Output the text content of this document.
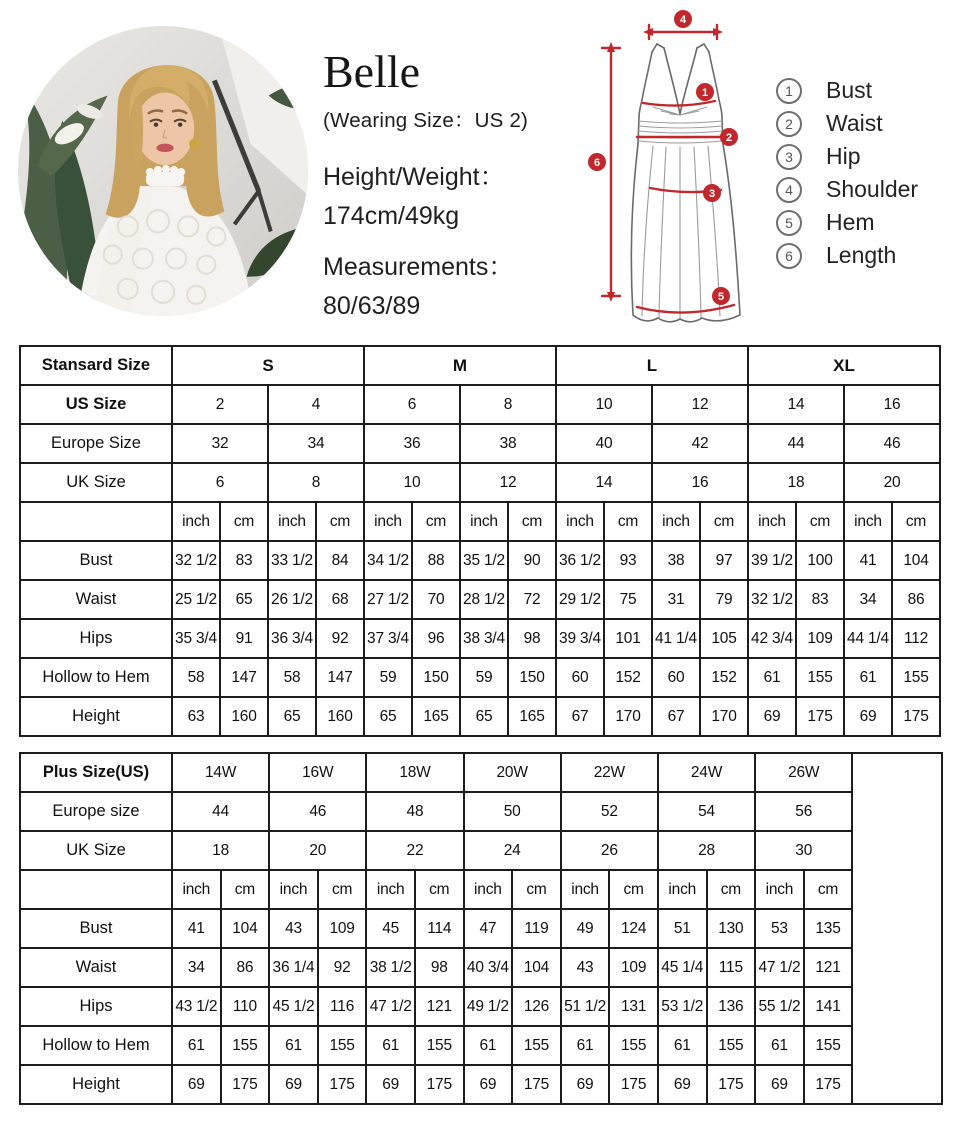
Belle
(Wearing Size：US 2)
Height/Weight：
174cm/49kg
Measurements：
80/63/89
1
2
3
4
5
6
1	Bust
2	Waist
3	Hip
4	Shoulder
5	Hem
6	Length
Stansard Size	S				M				L				XL			
US Size	2		4		6		8		10		12		14		16	
Europe Size	32		34		36		38		40		42		44		46	
UK Size	6		8		10		12		14		16		18		20	
	inch	cm	inch	cm	inch	cm	inch	cm	inch	cm	inch	cm	inch	cm	inch	cm
Bust	32 1/2	83	33 1/2	84	34 1/2	88	35 1/2	90	36 1/2	93	38	97	39 1/2	100	41	104
Waist	25 1/2	65	26 1/2	68	27 1/2	70	28 1/2	72	29 1/2	75	31	79	32 1/2	83	34	86
Hips	35 3/4	91	36 3/4	92	37 3/4	96	38 3/4	98	39 3/4	101	41 1/4	105	42 3/4	109	44 1/4	112
Hollow to Hem	58	147	58	147	59	150	59	150	60	152	60	152	61	155	61	155
Height	63	160	65	160	65	165	65	165	67	170	67	170	69	175	69	175
Plus Size(US)	14W		16W		18W		20W		22W		24W		26W		
Europe size	44		46		48		50		52		54		56		
UK Size	18		20		22		24		26		28		30		
	inch	cm	inch	cm	inch	cm	inch	cm	inch	cm	inch	cm	inch	cm	
Bust	41	104	43	109	45	114	47	119	49	124	51	130	53	135	
Waist	34	86	36 1/4	92	38 1/2	98	40 3/4	104	43	109	45 1/4	115	47 1/2	121	
Hips	43 1/2	110	45 1/2	116	47 1/2	121	49 1/2	126	51 1/2	131	53 1/2	136	55 1/2	141	
Hollow to Hem	61	155	61	155	61	155	61	155	61	155	61	155	61	155	
Height	69	175	69	175	69	175	69	175	69	175	69	175	69	175	
